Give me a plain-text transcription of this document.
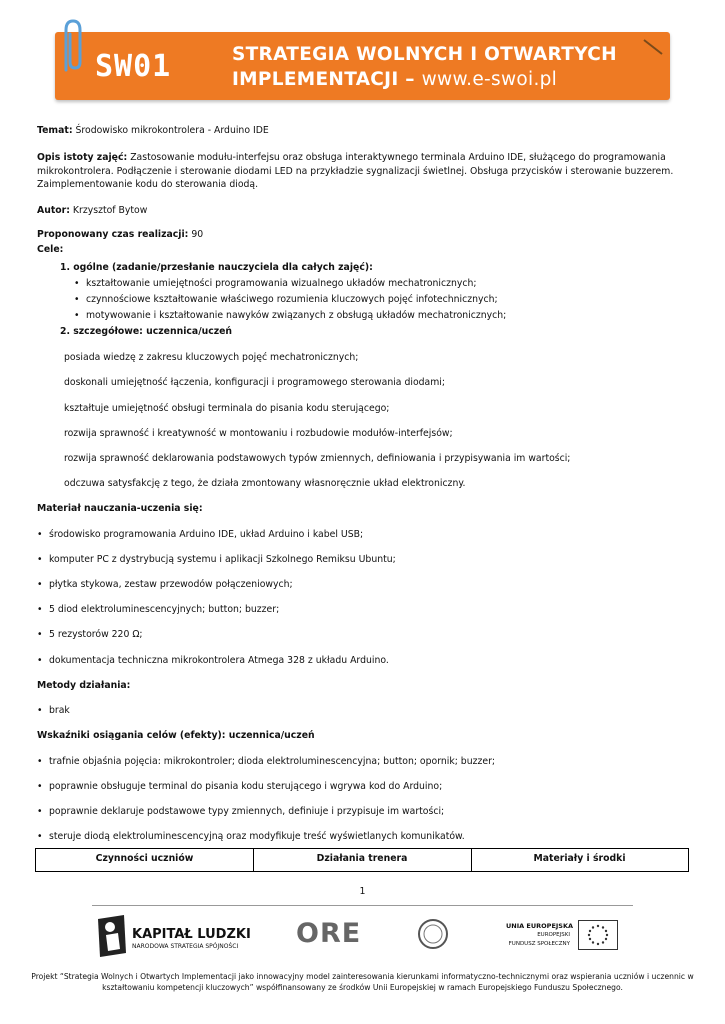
SW01	STRATEGIA WOLNYCH I OTWARTYCH
IMPLEMENTACJI – www.e-swoi.pl
Temat: Środowisko mikrokontrolera - Arduino IDE
Opis istoty zajęć: Zastosowanie modułu-interfejsu oraz obsługa interaktywnego terminala Arduino IDE, służącego do programowania
mikrokontrolera. Podłączenie i sterowanie diodami LED na przykładzie sygnalizacji świetlnej. Obsługa przycisków i sterowanie buzzerem.
Zaimplementowanie kodu do sterowania diodą.
Autor: Krzysztof Bytow
Proponowany czas realizacji: 90
Cele:
1. ogólne (zadanie/przesłanie nauczyciela dla całych zajęć):
• kształtowanie umiejętności programowania wizualnego układów mechatronicznych;
• czynnościowe kształtowanie właściwego rozumienia kluczowych pojęć infotechnicznych;
• motywowanie i kształtowanie nawyków związanych z obsługą układów mechatronicznych;
2. szczegółowe: uczennica/uczeń
posiada wiedzę z zakresu kluczowych pojęć mechatronicznych;
doskonali umiejętność łączenia, konfiguracji i programowego sterowania diodami;
kształtuje umiejętność obsługi terminala do pisania kodu sterującego;
rozwija sprawność i kreatywność w montowaniu i rozbudowie modułów-interfejsów;
rozwija sprawność deklarowania podstawowych typów zmiennych, definiowania i przypisywania im wartości;
odczuwa satysfakcję z tego, że działa zmontowany własnoręcznie układ elektroniczny.
Materiał nauczania-uczenia się:
• środowisko programowania Arduino IDE, układ Arduino i kabel USB;
• komputer PC z dystrybucją systemu i aplikacji Szkolnego Remiksu Ubuntu;
• płytka stykowa, zestaw przewodów połączeniowych;
• 5 diod elektroluminescencyjnych; button; buzzer;
• 5 rezystorów 220 Ω;
• dokumentacja techniczna mikrokontrolera Atmega 328 z układu Arduino.
Metody działania:
• brak
Wskaźniki osiągania celów (efekty): uczennica/uczeń
• trafnie objaśnia pojęcia: mikrokontroler; dioda elektroluminescencyjna; button; opornik; buzzer;
• poprawnie obsługuje terminal do pisania kodu sterującego i wgrywa kod do Arduino;
• poprawnie deklaruje podstawowe typy zmiennych, definiuje i przypisuje im wartości;
• steruje diodą elektroluminescencyjną oraz modyfikuje treść wyświetlanych komunikatów.
Czynności uczniów	Działania trenera	Materiały i środki
1
KAPITAŁ LUDZKI
NARODOWA STRATEGIA SPÓJNOŚCI ORE	UNIA EUROPEJSKA
EUROPEJSKI
FUNDUSZ SPOŁECZNY
Projekt “Strategia Wolnych i Otwartych Implementacji jako innowacyjny model zainteresowania kierunkami informatyczno-technicznymi oraz wspierania uczniów i uczennic w
kształtowaniu kompetencji kluczowych” współfinansowany ze środków Unii Europejskiej w ramach Europejskiego Funduszu Społecznego.
